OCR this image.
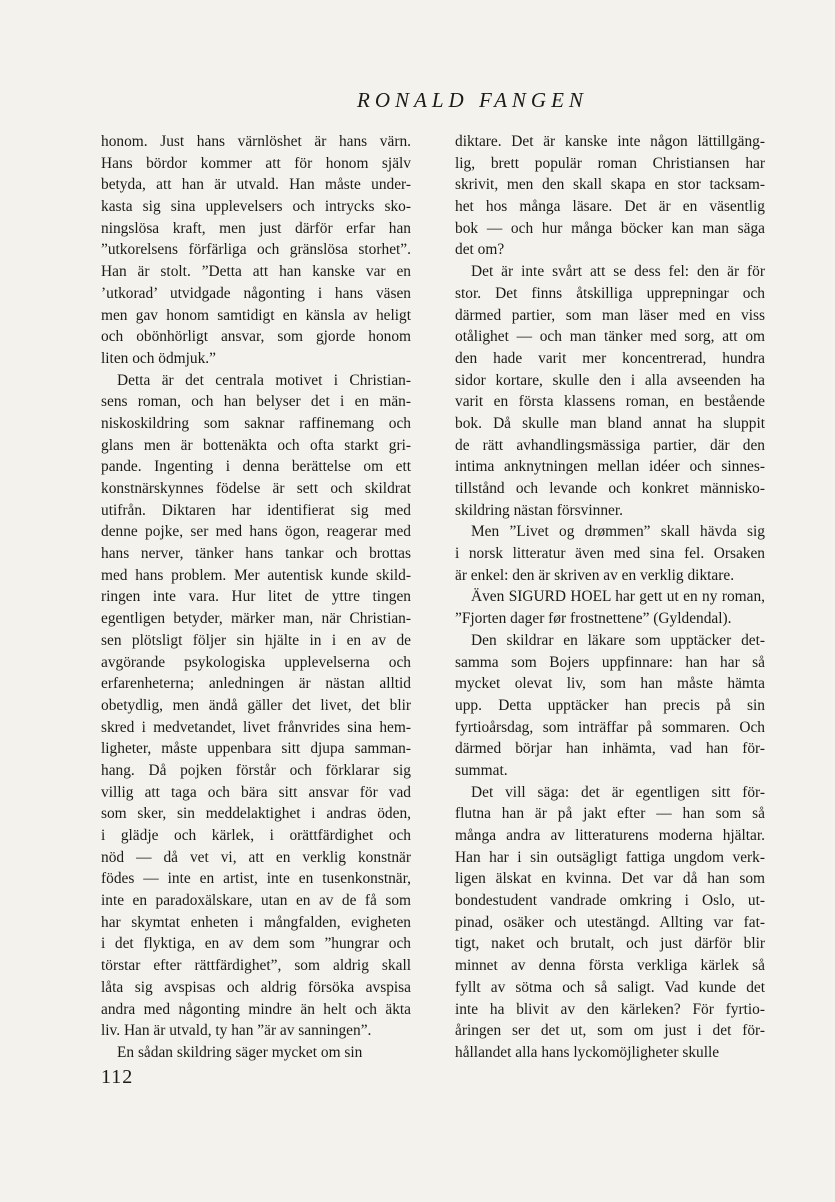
RONALD FANGEN

honom. Just hans värnlöshet är hans värn.
Hans bördor kommer att för honom själv
betyda, att han är utvald. Han måste under-
kasta sig sina upplevelsers och intrycks sko-
ningslösa kraft, men just därför erfar han
”utkorelsens förfärliga och gränslösa storhet”.
Han är stolt. ”Detta att han kanske var en
’utkorad’ utvidgade någonting i hans väsen
men gav honom samtidigt en känsla av heligt
och obönhörligt ansvar, som gjorde honom
liten och ödmjuk.”

Detta är det centrala motivet i Christian-
sens roman, och han belyser det i en män-
niskoskildring som saknar raffinemang och
glans men är bottenäkta och ofta starkt gri-
pande. Ingenting i denna berättelse om ett
konstnärskynnes födelse är sett och skildrat
utifrån. Diktaren har identifierat sig med
denne pojke, ser med hans ögon, reagerar med
hans nerver, tänker hans tankar och brottas
med hans problem. Mer autentisk kunde skild-
ringen inte vara. Hur litet de yttre tingen
egentligen betyder, märker man, när Christian-
sen plötsligt följer sin hjälte in i en av de
avgörande psykologiska upplevelserna och
erfarenheterna; anledningen är nästan alltid
obetydlig, men ändå gäller det livet, det blir
skred i medvetandet, livet frånvrides sina hem-
ligheter, måste uppenbara sitt djupa samman-
hang. Då pojken förstår och förklarar sig
villig att taga och bära sitt ansvar för vad
som sker, sin meddelaktighet i andras öden,
i glädje och kärlek, i orättfärdighet och
nöd — då vet vi, att en verklig konstnär
födes — inte en artist, inte en tusenkonstnär,
inte en paradoxälskare, utan en av de få som
har skymtat enheten i mångfalden, evigheten
i det flyktiga, en av dem som ”hungrar och
törstar efter rättfärdighet”, som aldrig skall
låta sig avspisas och aldrig försöka avspisa
andra med någonting mindre än helt och äkta
liv. Han är utvald, ty han ”är av sanningen”.

En sådan skildring säger mycket om sin

diktare. Det är kanske inte någon lättillgäng-
lig, brett populär roman Christiansen har
skrivit, men den skall skapa en stor tacksam-
het hos många läsare. Det är en väsentlig
bok — och hur många böcker kan man säga
det om?

Det är inte svårt att se dess fel: den är för
stor. Det finns åtskilliga upprepningar och
därmed partier, som man läser med en viss
otålighet — och man tänker med sorg, att om
den hade varit mer koncentrerad, hundra
sidor kortare, skulle den i alla avseenden ha
varit en första klassens roman, en bestående
bok. Då skulle man bland annat ha sluppit
de rätt avhandlingsmässiga partier, där den
intima anknytningen mellan idéer och sinnes-
tillstånd och levande och konkret människo-
skildring nästan försvinner.

Men ”Livet og drømmen” skall hävda sig
i norsk litteratur även med sina fel. Orsaken
är enkel: den är skriven av en verklig diktare.

Även SIGURD HOEL har gett ut en ny roman,
”Fjorten dager før frostnettene” (Gyldendal).

Den skildrar en läkare som upptäcker det-
samma som Bojers uppfinnare: han har så
mycket olevat liv, som han måste hämta
upp. Detta upptäcker han precis på sin
fyrtioårsdag, som inträffar på sommaren. Och
därmed börjar han inhämta, vad han för-
summat.

Det vill säga: det är egentligen sitt för-
flutna han är på jakt efter — han som så
många andra av litteraturens moderna hjältar.
Han har i sin outsägligt fattiga ungdom verk-
ligen älskat en kvinna. Det var då han som
bondestudent vandrade omkring i Oslo, ut-
pinad, osäker och utestängd. Allting var fat-
tigt, naket och brutalt, och just därför blir
minnet av denna första verkliga kärlek så
fyllt av sötma och så saligt. Vad kunde det
inte ha blivit av den kärleken? För fyrtio-
åringen ser det ut, som om just i det för-
hållandet alla hans lyckomöjligheter skulle

112
